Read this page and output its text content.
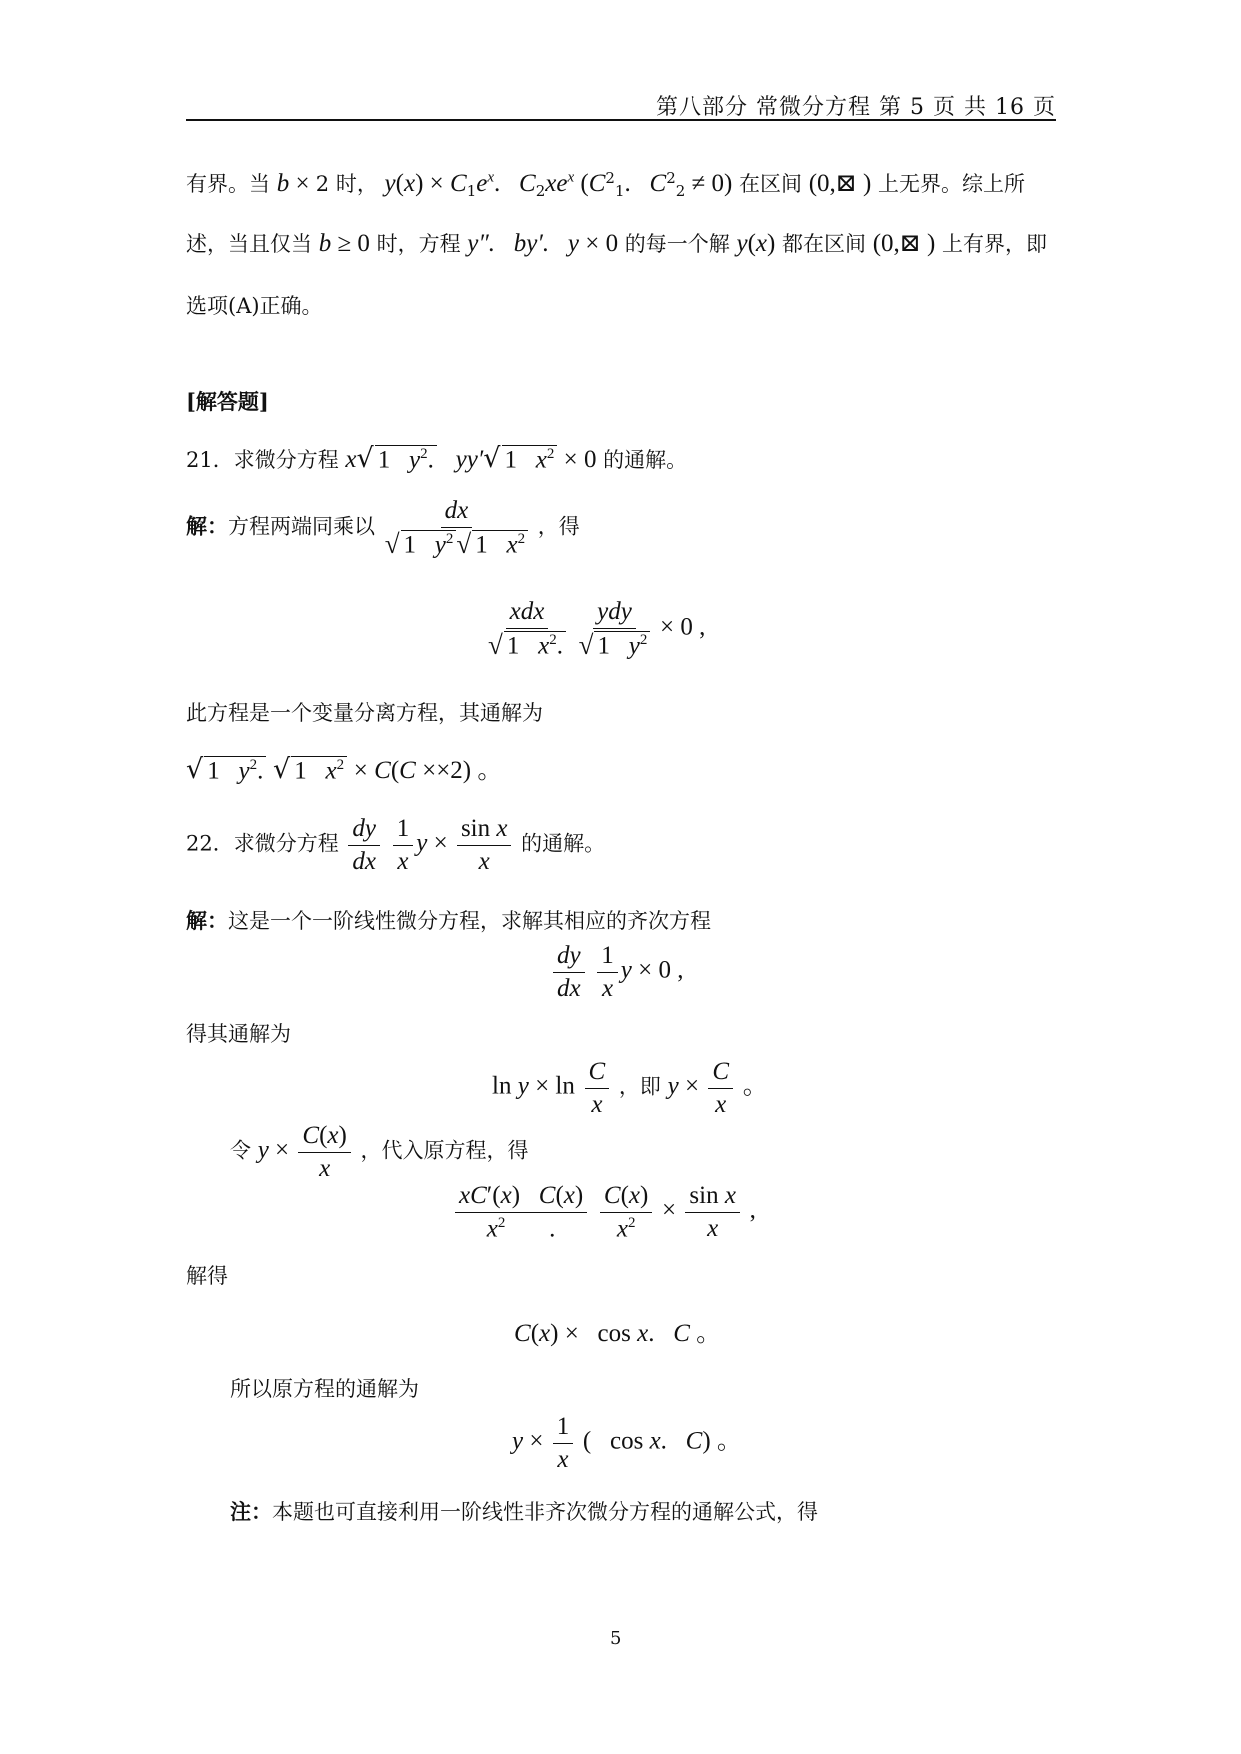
第八部分 常微分方程 第 5 页 共 16 页
有界。当 b × 2 时， $y(x) \times C_1e^x$.   $C_2xe^x$ ($C^2_1$.   $C^2_2 \ne 0$) 在区间 (0,⊠ ) 上无界。综上所
述，当且仅当 b ≥ 0 时，方程 y″.   by′.   y × 0 的每一个解 y(x) 都在区间 (0,⊠ ) 上有界，即
选项(A)正确。
[解答题]
21．求微分方程 x√ 1   $y^2$.   yy′√ 1   $x^2 \times 0$ 的通解。
解：方程两端同乘以 $\frac{dx}{√ 1 y^2 √ 1 x^2}$ ，得
$\frac{\text{xdx}}{√ 1 x^2.}$
$\frac{\text{ydy}}{√ 1 y^2} \times 0$ ,
此方程是一个变量分离方程，其通解为
√ 1   $y^2$. √ 1   $x^2 \times C(C \times\times 2)$ 。
22．求微分方程 $\frac{dy}{dx}$
$\frac{1}{x}$ $y \times \frac{\text{sin x}}{x}$ 的通解。
解：这是一个一阶线性微分方程，求解其相应的齐次方程
$\frac{dy}{dx}$
$\frac{1}{x}$ y × 0 ,
得其通解为
$\ln y \times \ln \frac{C}{x}$ ，即 $y \times \frac{C}{x}$ 。
令 $y \times \frac{C(x)}{x}$ ，代入原方程，得
$\frac{xC'(x) C(x)}{x^2 .}$
$\frac{C(x)}{x^2} \times \frac{\text{sin x}}{x}$ ,
解得
C(x) ×   cos x.   C 。
所以原方程的通解为
$y \times \frac{1}{x}$ (   cos x.   C) 。
注：本题也可直接利用一阶线性非齐次微分方程的通解公式，得
5
